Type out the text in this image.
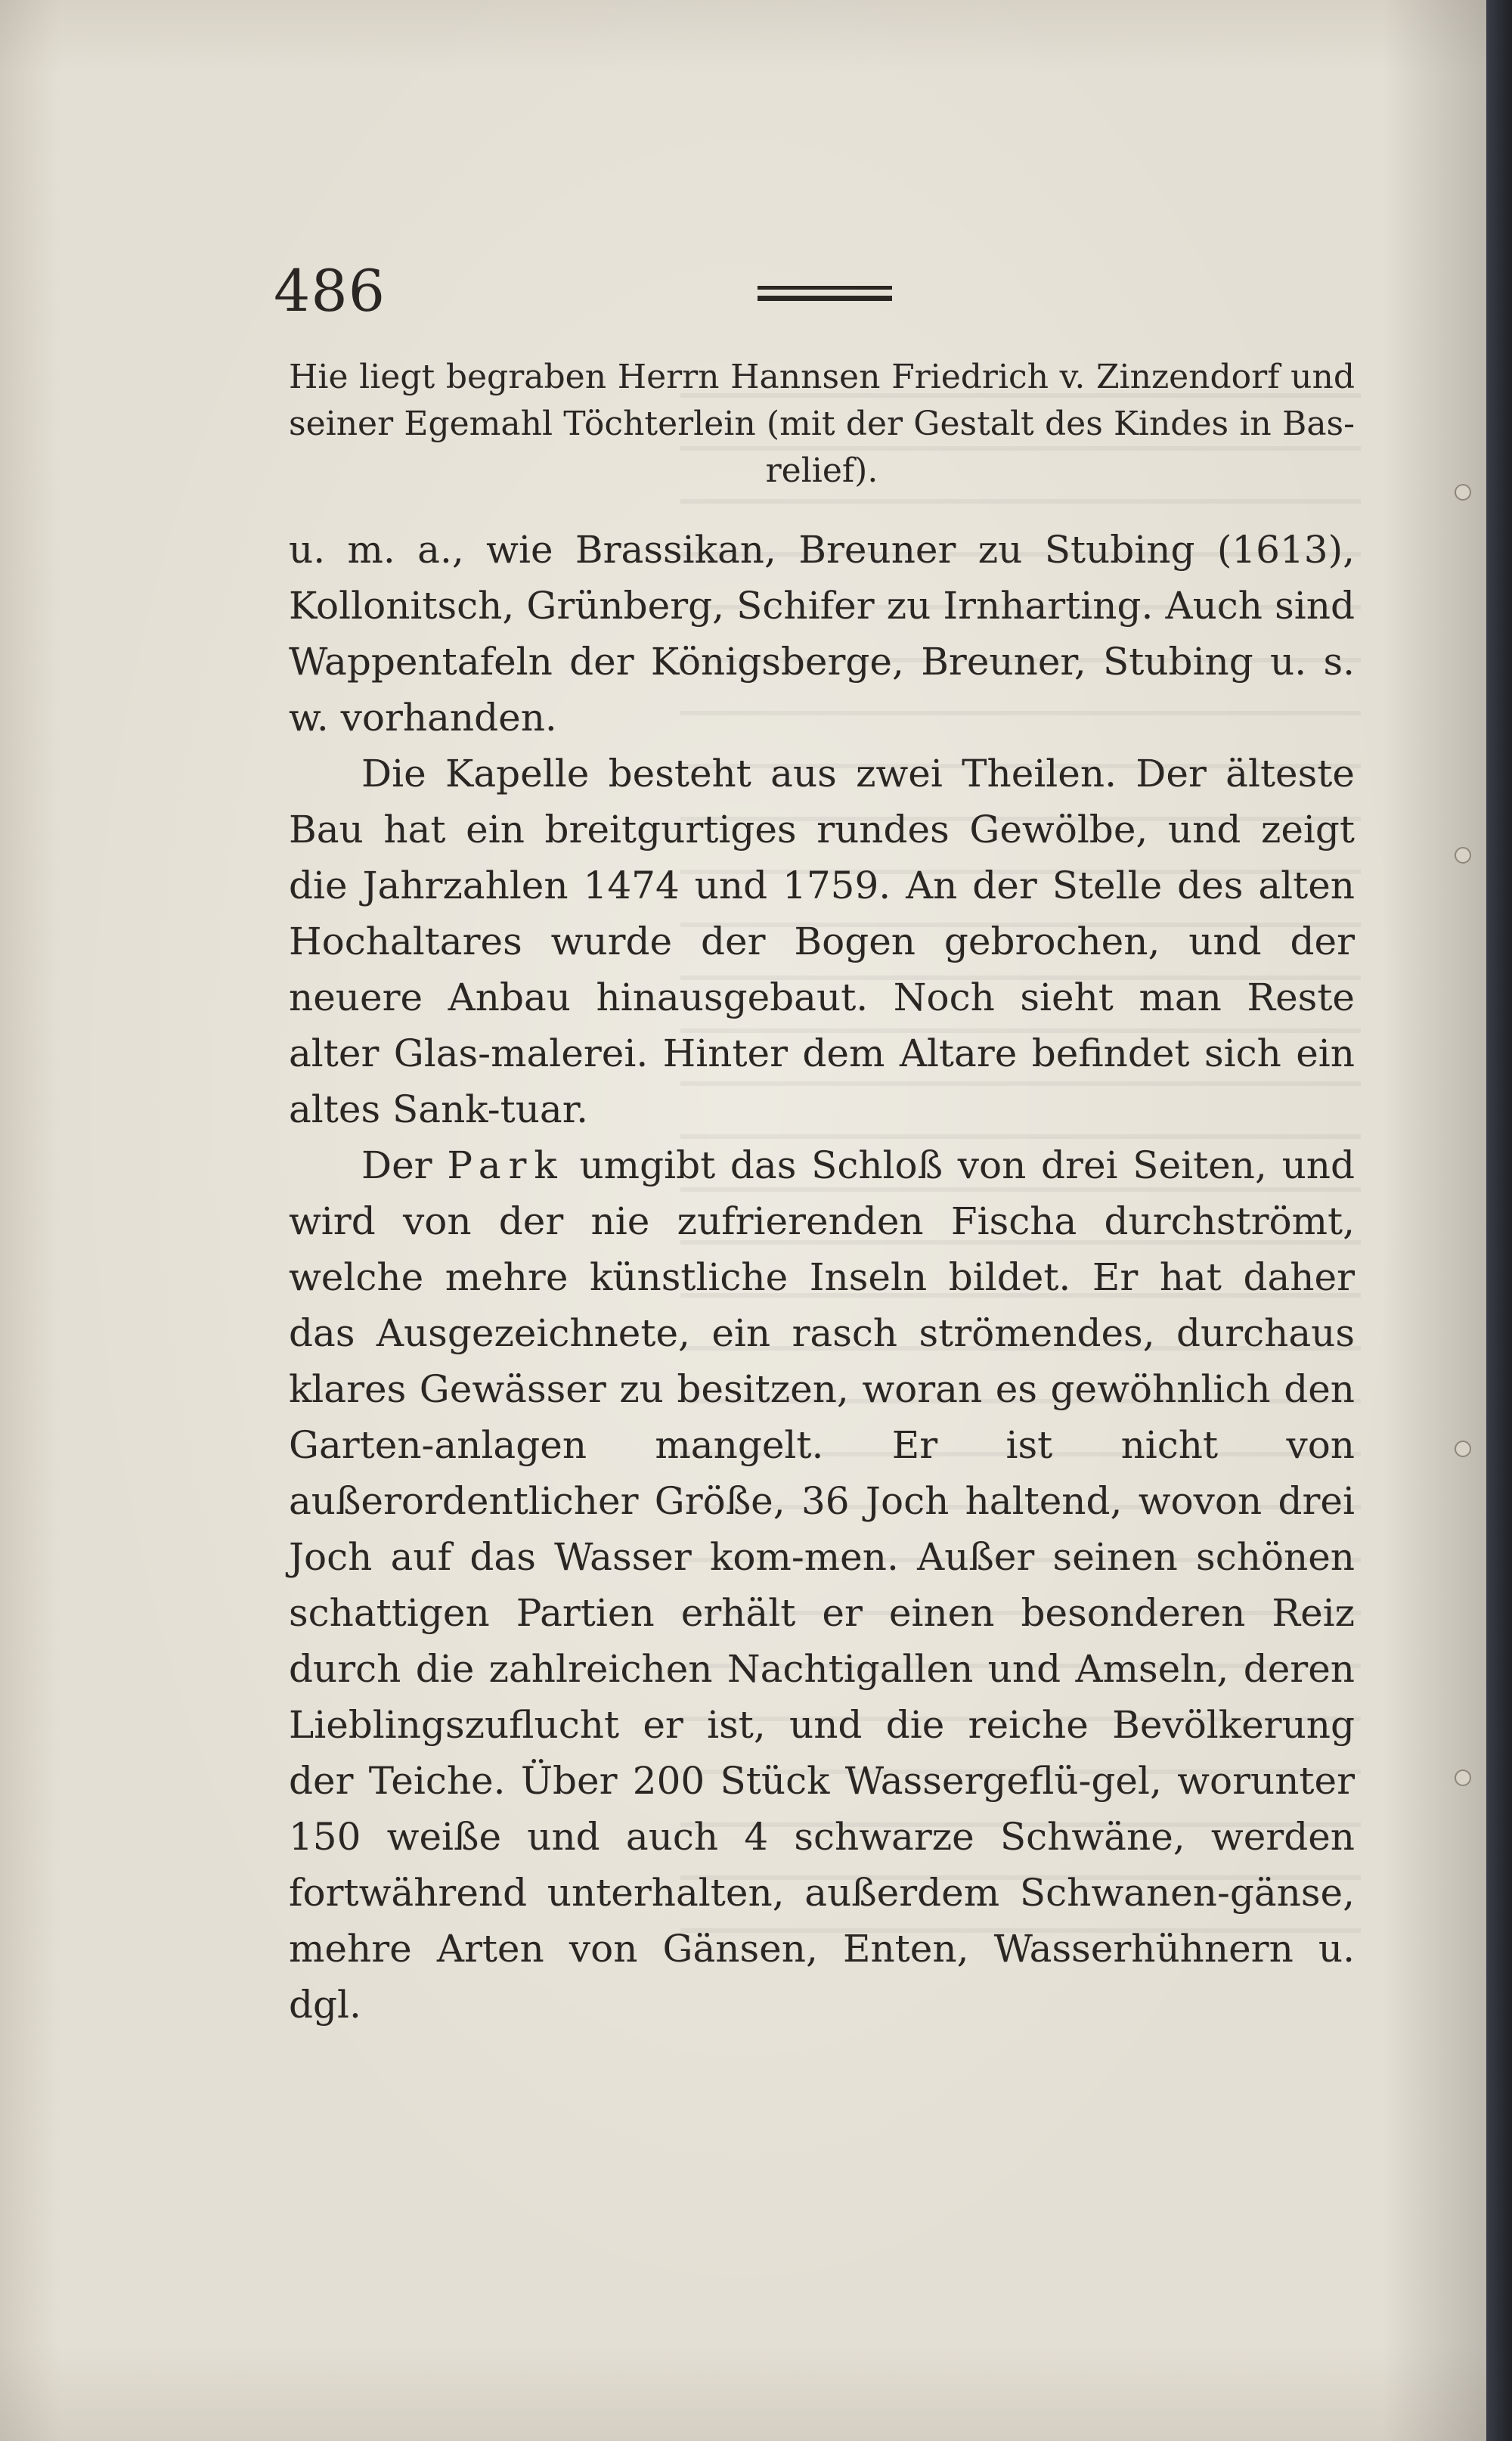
486
Hie liegt begraben Herrn Hannsen Friedrich v. Zinzendorf und seiner Egemahl Töchterlein (mit der Gestalt des Kindes in Bas-relief).

u. m. a., wie Brassikan, Breuner zu Stubing (1613), Kollonitsch, Grünberg, Schifer zu Irnharting. Auch sind Wappentafeln der Königsberge, Breuner, Stubing u. s. w. vorhanden.

Die Kapelle besteht aus zwei Theilen. Der älteste Bau hat ein breitgurtiges rundes Gewölbe, und zeigt die Jahrzahlen 1474 und 1759. An der Stelle des alten Hochaltares wurde der Bogen gebrochen, und der neuere Anbau hinausgebaut. Noch sieht man Reste alter Glas-malerei. Hinter dem Altare befindet sich ein altes Sank-tuar.

Der Park umgibt das Schloß von drei Seiten, und wird von der nie zufrierenden Fischa durchströmt, welche mehre künstliche Inseln bildet. Er hat daher das Ausgezeichnete, ein rasch strömendes, durchaus klares Gewässer zu besitzen, woran es gewöhnlich den Garten-anlagen mangelt. Er ist nicht von außerordentlicher Größe, 36 Joch haltend, wovon drei Joch auf das Wasser kom-men. Außer seinen schönen schattigen Partien erhält er einen besonderen Reiz durch die zahlreichen Nachtigallen und Amseln, deren Lieblingszuflucht er ist, und die reiche Bevölkerung der Teiche. Über 200 Stück Wassergeflü-gel, worunter 150 weiße und auch 4 schwarze Schwäne, werden fortwährend unterhalten, außerdem Schwanen-gänse, mehre Arten von Gänsen, Enten, Wasserhühnern u. dgl.
